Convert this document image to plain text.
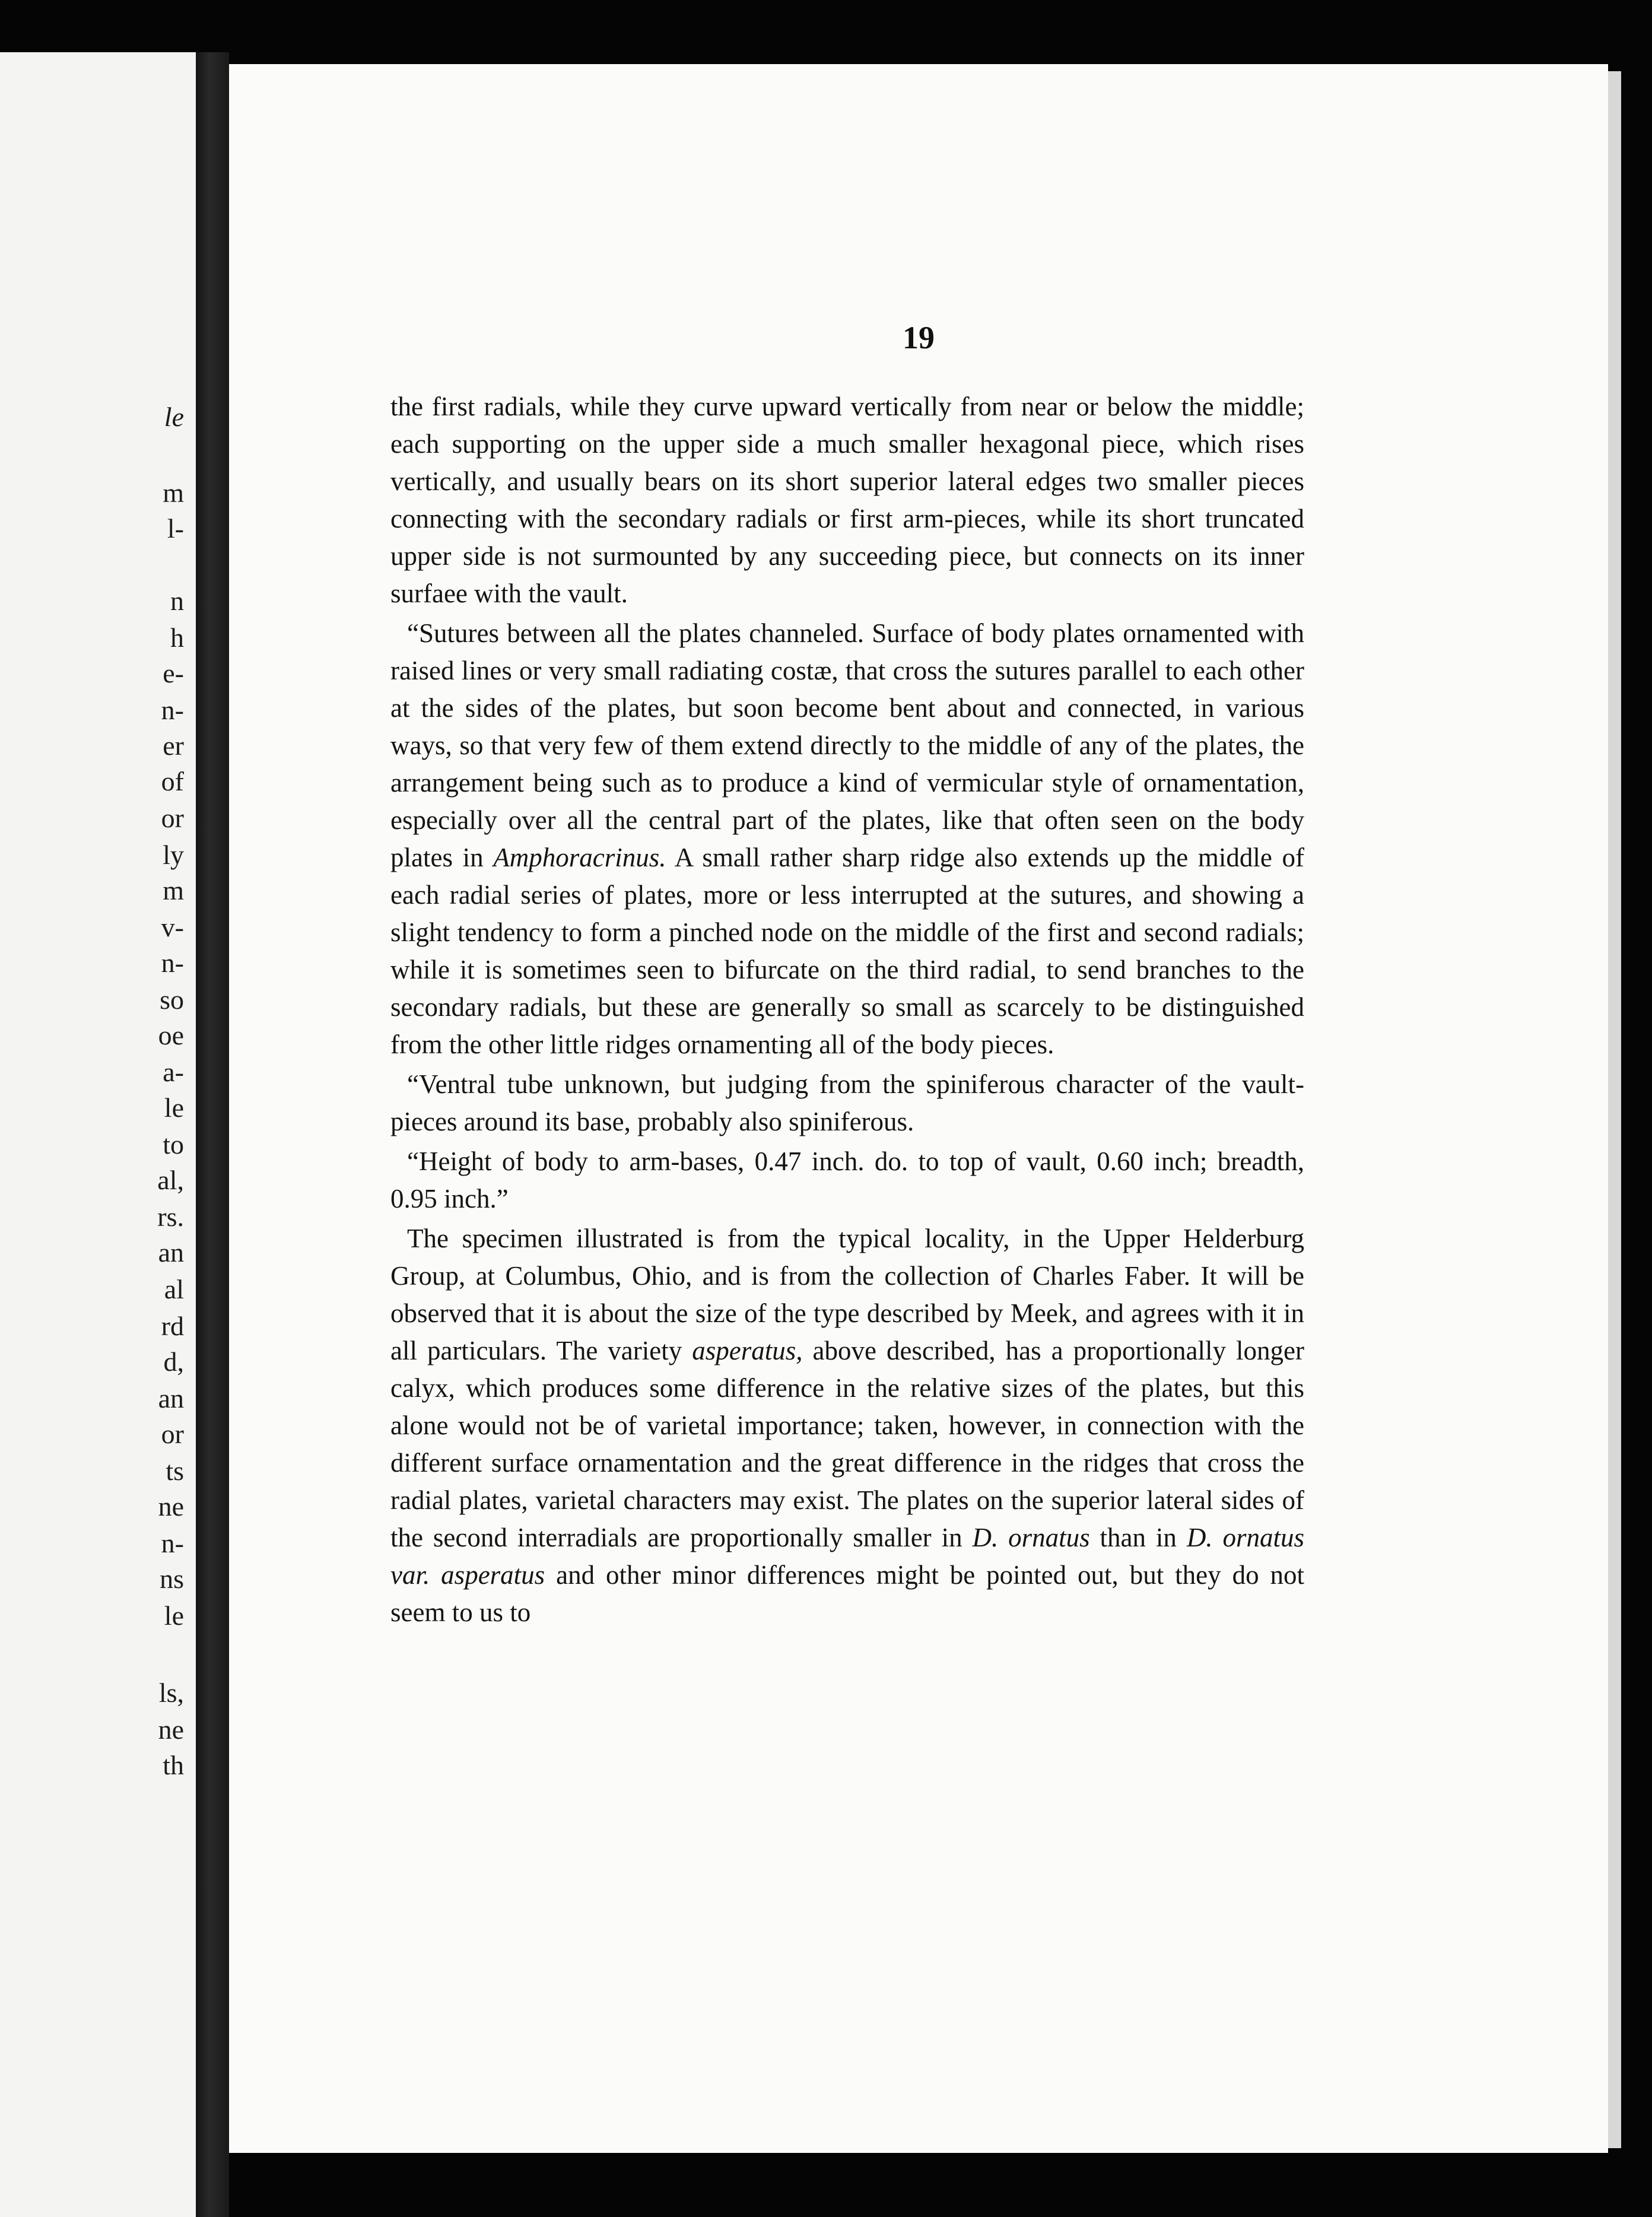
le
m
l-
n
h
e-
n-
er
of
or
ly
m
v-
n-
so
oe
a-
le
to
al,
rs.
an
al
rd
d,
an
or
ts
ne
n-
ns
le
ls,
ne
th
19

the first radials, while they curve upward vertically from near or below the middle; each supporting on the upper side a much smaller hexagonal piece, which rises vertically, and usually bears on its short superior lateral edges two smaller pieces connecting with the secondary radials or first arm-pieces, while its short truncated upper side is not surmounted by any succeeding piece, but connects on its inner surfaee with the vault.

“Sutures between all the plates channeled. Surface of body plates ornamented with raised lines or very small radiating costæ, that cross the sutures parallel to each other at the sides of the plates, but soon become bent about and connected, in various ways, so that very few of them extend directly to the middle of any of the plates, the arrangement being such as to produce a kind of vermicular style of ornamentation, especially over all the central part of the plates, like that often seen on the body plates in Amphoracrinus. A small rather sharp ridge also extends up the middle of each radial series of plates, more or less interrupted at the sutures, and showing a slight tendency to form a pinched node on the middle of the first and second radials; while it is sometimes seen to bifurcate on the third radial, to send branches to the secondary radials, but these are generally so small as scarcely to be distinguished from the other little ridges ornamenting all of the body pieces.

“Ventral tube unknown, but judging from the spiniferous character of the vault-pieces around its base, probably also spiniferous.

“Height of body to arm-bases, 0.47 inch. do. to top of vault, 0.60 inch; breadth, 0.95 inch.”

The specimen illustrated is from the typical locality, in the Upper Helderburg Group, at Columbus, Ohio, and is from the collection of Charles Faber. It will be observed that it is about the size of the type described by Meek, and agrees with it in all particulars. The variety asperatus, above described, has a proportionally longer calyx, which produces some difference in the relative sizes of the plates, but this alone would not be of varietal importance; taken, however, in connection with the different surface ornamentation and the great difference in the ridges that cross the radial plates, varietal characters may exist. The plates on the superior lateral sides of the second interradials are proportionally smaller in D. ornatus than in D. ornatus var. asperatus and other minor differences might be pointed out, but they do not seem to us to
